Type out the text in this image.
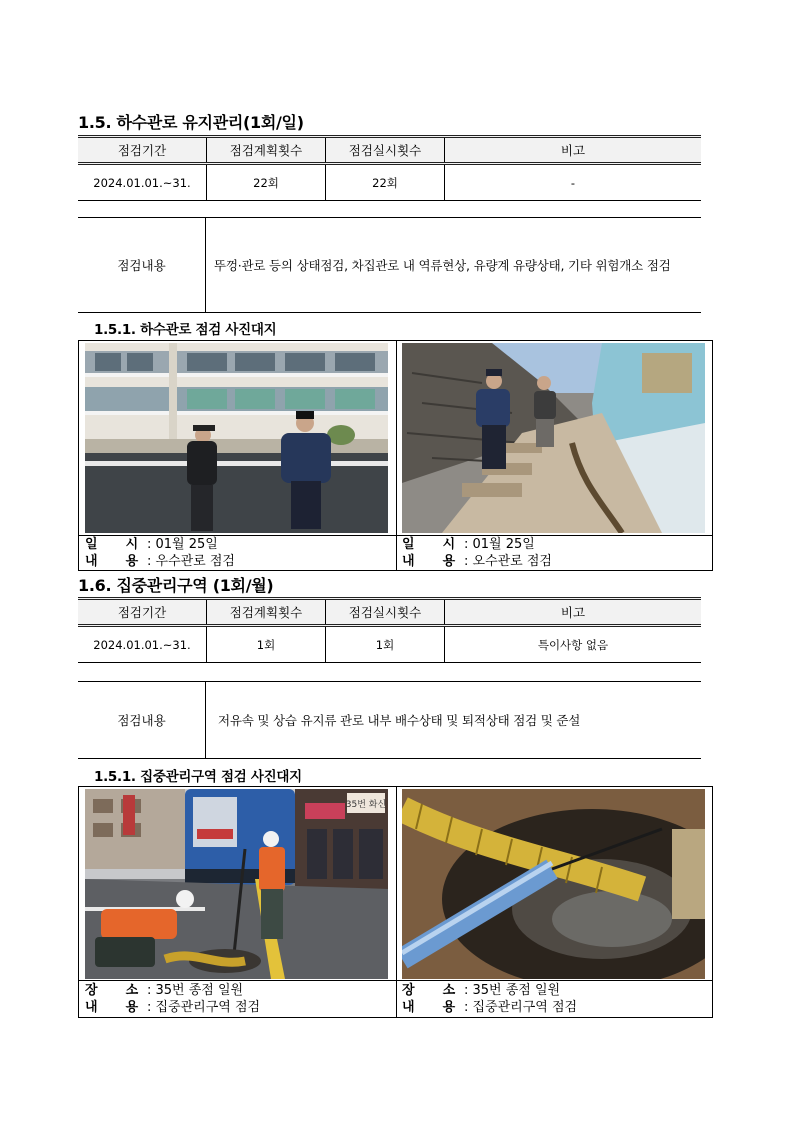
1.5. 하수관로 유지관리(1회/일)
점검기간	점검계획횟수	점검실시횟수	비고
2024.01.01.~31.	22회	22회	-
점검내용	뚜껑·관로 등의 상태점검, 차집관로 내 역류현상, 유량계 유량상태, 기타 위험개소 점검
1.5.1. 하수관로 점검 사진대지
일 시 : 01월 25일
내 용 : 우수관로 점검
일 시 : 01월 25일
내 용 : 오수관로 점검
1.6. 집중관리구역 (1회/월)
점검기간	점검계획횟수	점검실시횟수	비고
2024.01.01.~31.	1회	1회	특이사항 없음
점검내용	저유속 및 상습 유지류 관로 내부 배수상태 및 퇴적상태 점검 및 준설
1.5.1. 집중관리구역 점검 사진대지
35번 화신
장 소 : 35번 종점 일원
내 용 : 집중관리구역 점검
장 소 : 35번 종점 일원
내 용 : 집중관리구역 점검
